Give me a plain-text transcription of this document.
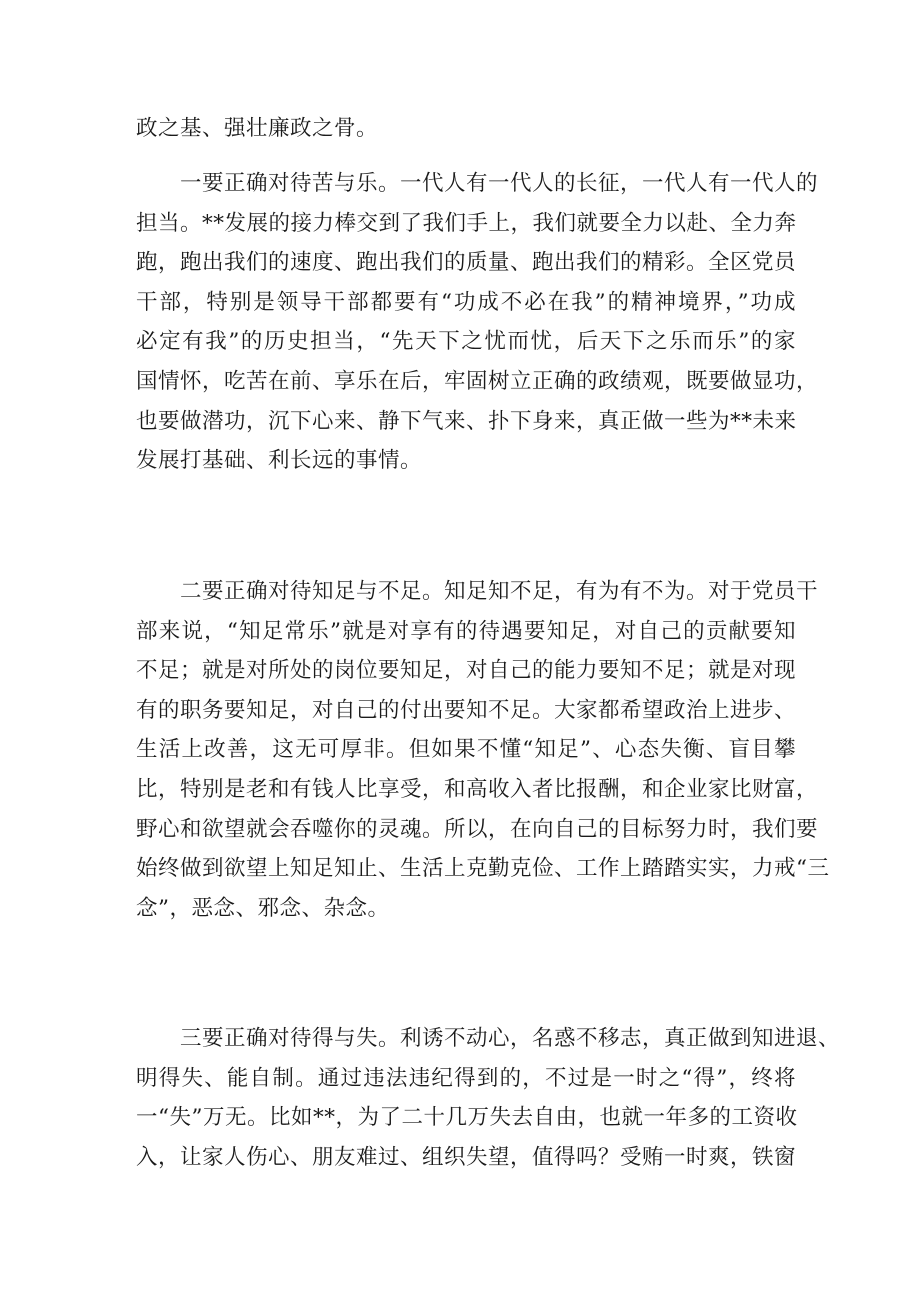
政之基、强壮廉政之骨。
一要正确对待苦与乐。一代人有一代人的长征，一代人有一代人的
担当。**发展的接力棒交到了我们手上，我们就要全力以赴、全力奔
跑，跑出我们的速度、跑出我们的质量、跑出我们的精彩。全区党员
干部，特别是领导干部都要有“功成不必在我”的精神境界，”功成
必定有我”的历史担当，“先天下之忧而忧，后天下之乐而乐”的家
国情怀，吃苦在前、享乐在后，牢固树立正确的政绩观，既要做显功，
也要做潜功，沉下心来、静下气来、扑下身来，真正做一些为**未来
发展打基础、利长远的事情。
二要正确对待知足与不足。知足知不足，有为有不为。对于党员干
部来说，“知足常乐”就是对享有的待遇要知足，对自己的贡献要知
不足；就是对所处的岗位要知足，对自己的能力要知不足；就是对现
有的职务要知足，对自己的付出要知不足。大家都希望政治上进步、
生活上改善，这无可厚非。但如果不懂“知足”、心态失衡、盲目攀
比，特别是老和有钱人比享受，和高收入者比报酬，和企业家比财富，
野心和欲望就会吞噬你的灵魂。所以，在向自己的目标努力时，我们要
始终做到欲望上知足知止、生活上克勤克俭、工作上踏踏实实，力戒“三
念”，恶念、邪念、杂念。
三要正确对待得与失。利诱不动心，名惑不移志，真正做到知进退、
明得失、能自制。通过违法违纪得到的，不过是一时之“得”，终将
一“失”万无。比如**，为了二十几万失去自由，也就一年多的工资收
入，让家人伤心、朋友难过、组织失望，值得吗？受贿一时爽，铁窗
